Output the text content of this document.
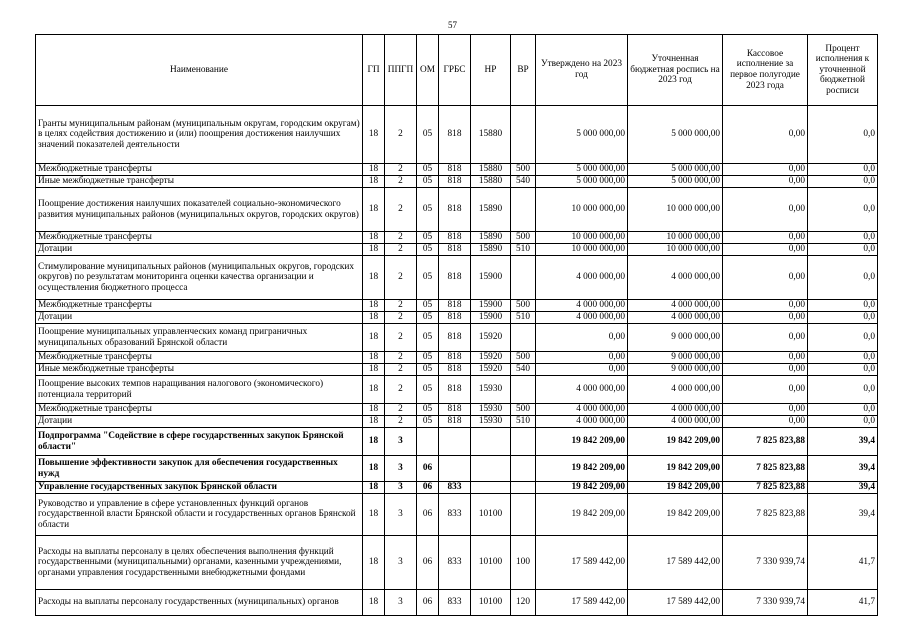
57
Наименование	ГП	ППГП	ОМ	ГРБС	НР	ВР	Утверждено на 2023 год	Уточненная бюджетная роспись на 2023 год	Кассовое исполнение за первое полугодие 2023 года	Процент исполнения к уточненной бюджетной росписи
Гранты муниципальным районам (муниципальным округам, городским округам) в целях содействия достижению и (или) поощрения достижения наилучших значений показателей деятельности	18	2	05	818	15880		5 000 000,00	5 000 000,00	0,00	0,0
Межбюджетные трансферты	18	2	05	818	15880	500	5 000 000,00	5 000 000,00	0,00	0,0
Иные межбюджетные трансферты	18	2	05	818	15880	540	5 000 000,00	5 000 000,00	0,00	0,0
Поощрение достижения наилучших показателей социально-экономического развития муниципальных районов (муниципальных округов, городских округов)	18	2	05	818	15890		10 000 000,00	10 000 000,00	0,00	0,0
Межбюджетные трансферты	18	2	05	818	15890	500	10 000 000,00	10 000 000,00	0,00	0,0
Дотации	18	2	05	818	15890	510	10 000 000,00	10 000 000,00	0,00	0,0
Стимулирование муниципальных районов (муниципальных округов, городских округов) по результатам мониторинга оценки качества организации и осуществления бюджетного процесса	18	2	05	818	15900		4 000 000,00	4 000 000,00	0,00	0,0
Межбюджетные трансферты	18	2	05	818	15900	500	4 000 000,00	4 000 000,00	0,00	0,0
Дотации	18	2	05	818	15900	510	4 000 000,00	4 000 000,00	0,00	0,0
Поощрение муниципальных управленческих команд приграничных муниципальных образований Брянской области	18	2	05	818	15920		0,00	9 000 000,00	0,00	0,0
Межбюджетные трансферты	18	2	05	818	15920	500	0,00	9 000 000,00	0,00	0,0
Иные межбюджетные трансферты	18	2	05	818	15920	540	0,00	9 000 000,00	0,00	0,0
Поощрение высоких темпов наращивания налогового (экономического) потенциала территорий	18	2	05	818	15930		4 000 000,00	4 000 000,00	0,00	0,0
Межбюджетные трансферты	18	2	05	818	15930	500	4 000 000,00	4 000 000,00	0,00	0,0
Дотации	18	2	05	818	15930	510	4 000 000,00	4 000 000,00	0,00	0,0
Подпрограмма "Содействие в сфере государственных закупок Брянской области"	18	3					19 842 209,00	19 842 209,00	7 825 823,88	39,4
Повышение эффективности закупок для обеспечения государственных нужд	18	3	06				19 842 209,00	19 842 209,00	7 825 823,88	39,4
Управление государственных закупок Брянской области	18	3	06	833			19 842 209,00	19 842 209,00	7 825 823,88	39,4
Руководство и управление в сфере установленных функций органов государственной власти Брянской области и государственных органов Брянской области	18	3	06	833	10100		19 842 209,00	19 842 209,00	7 825 823,88	39,4
Расходы на выплаты персоналу в целях обеспечения выполнения функций государственными (муниципальными) органами, казенными учреждениями, органами управления государственными внебюджетными фондами	18	3	06	833	10100	100	17 589 442,00	17 589 442,00	7 330 939,74	41,7
Расходы на выплаты персоналу государственных (муниципальных) органов	18	3	06	833	10100	120	17 589 442,00	17 589 442,00	7 330 939,74	41,7
